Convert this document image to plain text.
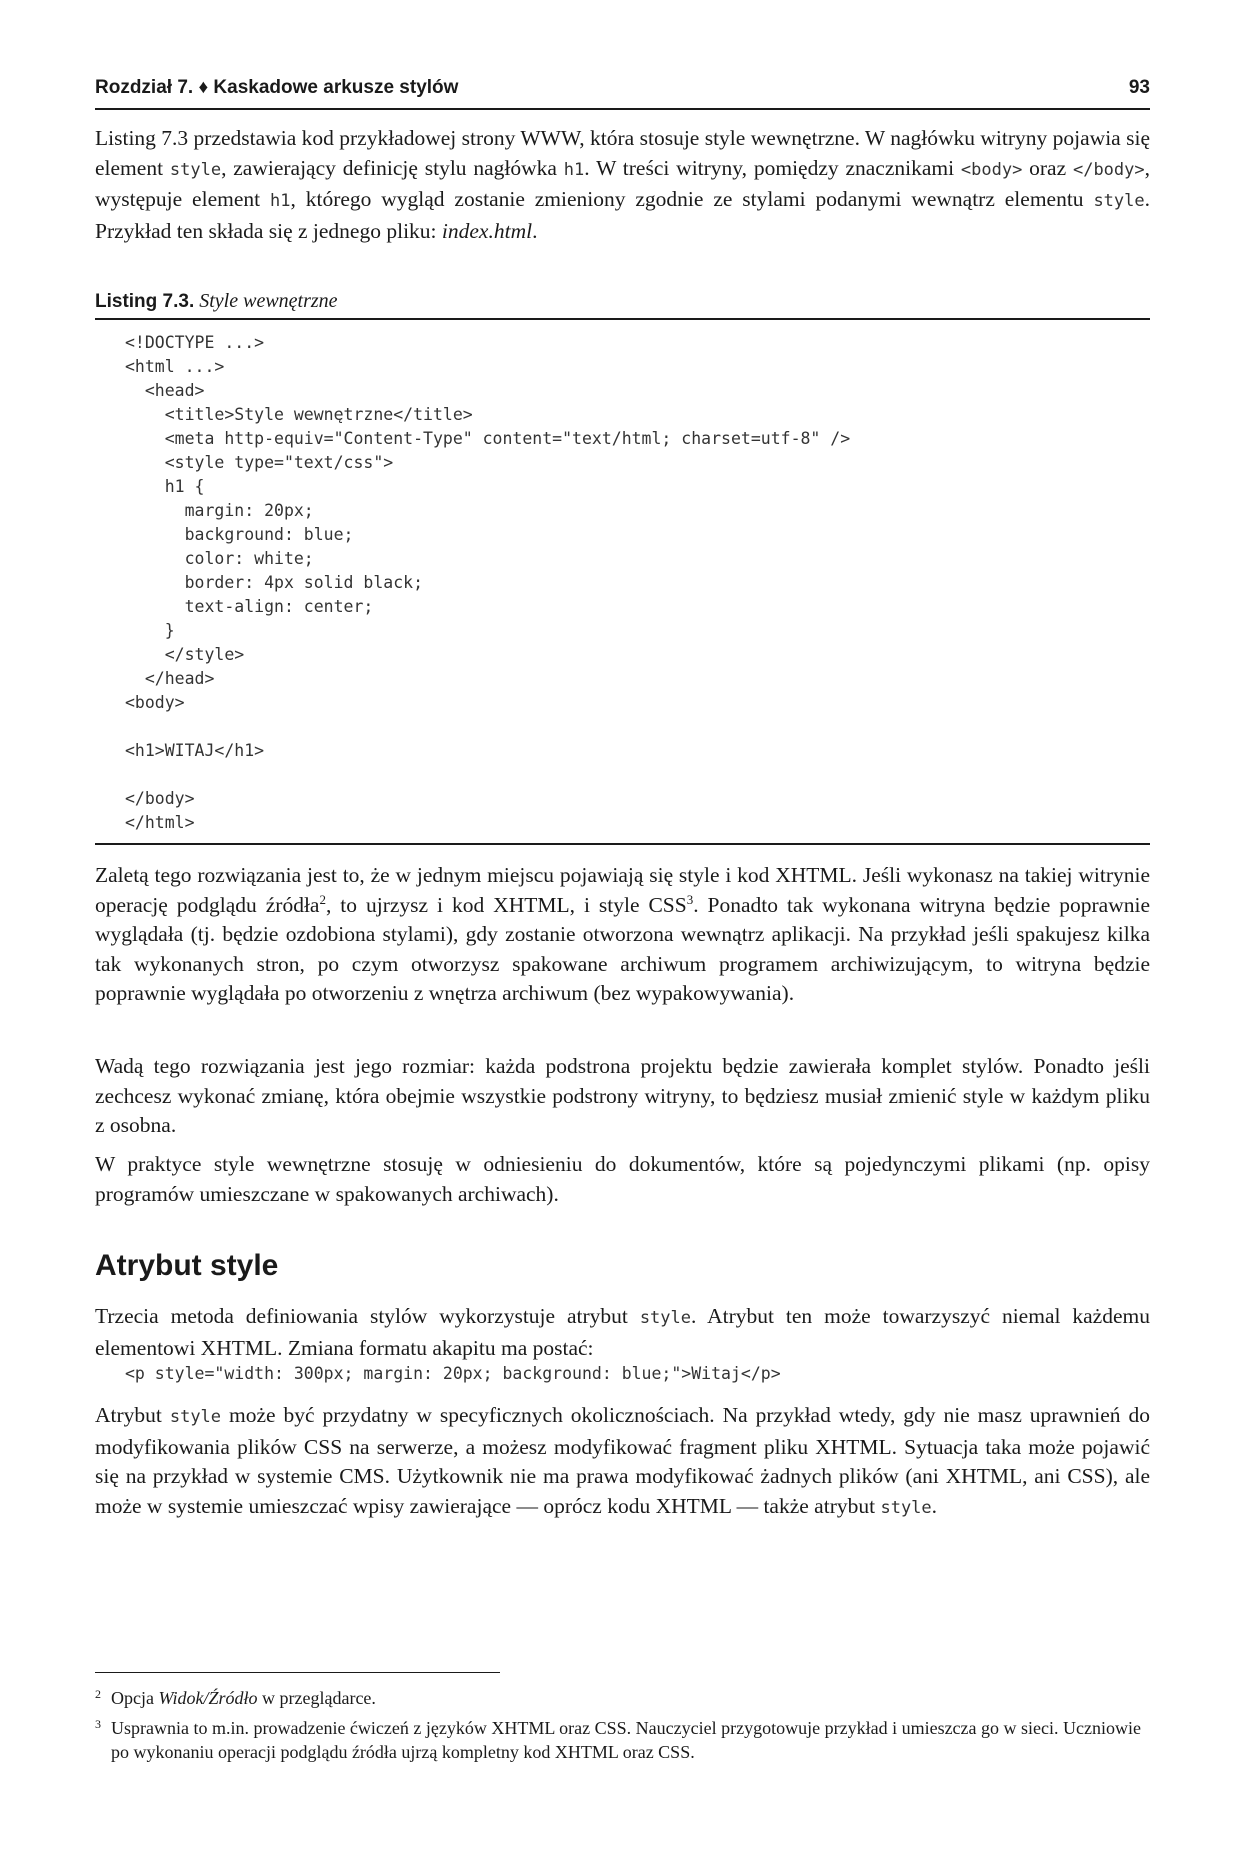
Rozdział 7. ♦ Kaskadowe arkusze stylów	93

Listing 7.3 przedstawia kod przykładowej strony WWW, która stosuje style wewnętrzne. W nagłówku witryny pojawia się element style, zawierający definicję stylu nagłówka h1. W treści witryny, pomiędzy znacznikami <body> oraz </body>, występuje element h1, którego wygląd zostanie zmieniony zgodnie ze stylami podanymi wewnątrz elementu style. Przykład ten składa się z jednego pliku: index.html.

Listing 7.3. Style wewnętrzne
<!DOCTYPE ...>
<html ...>
<head>
<title>Style wewnętrzne</title>
<meta http-equiv="Content-Type" content="text/html; charset=utf-8" />
<style type="text/css">
h1 {
margin: 20px;
background: blue;
color: white;
border: 4px solid black;
text-align: center;
}
</style>
</head>
<body>

<h1>WITAJ</h1>

</body>
</html>

Zaletą tego rozwiązania jest to, że w jednym miejscu pojawiają się style i kod XHTML. Jeśli wykonasz na takiej witrynie operację podglądu źródła$^2$, to ujrzysz i kod XHTML, i style CSS$^3$. Ponadto tak wykonana witryna będzie poprawnie wyglądała (tj. będzie ozdobiona stylami), gdy zostanie otworzona wewnątrz aplikacji. Na przykład jeśli spakujesz kilka tak wykonanych stron, po czym otworzysz spakowane archiwum programem archiwizującym, to witryna będzie poprawnie wyglądała po otworzeniu z wnętrza archiwum (bez wypakowywania).

Wadą tego rozwiązania jest jego rozmiar: każda podstrona projektu będzie zawierała komplet stylów. Ponadto jeśli zechcesz wykonać zmianę, która obejmie wszystkie podstrony witryny, to będziesz musiał zmienić style w każdym pliku z osobna.

W praktyce style wewnętrzne stosuję w odniesieniu do dokumentów, które są pojedynczymi plikami (np. opisy programów umieszczane w spakowanych archiwach).

Atrybut style

Trzecia metoda definiowania stylów wykorzystuje atrybut style. Atrybut ten może towarzyszyć niemal każdemu elementowi XHTML. Zmiana formatu akapitu ma postać:

<p style="width: 300px; margin: 20px; background: blue;">Witaj</p>

Atrybut style może być przydatny w specyficznych okolicznościach. Na przykład wtedy, gdy nie masz uprawnień do modyfikowania plików CSS na serwerze, a możesz modyfikować fragment pliku XHTML. Sytuacja taka może pojawić się na przykład w systemie CMS. Użytkownik nie ma prawa modyfikować żadnych plików (ani XHTML, ani CSS), ale może w systemie umieszczać wpisy zawierające — oprócz kodu XHTML — także atrybut style.

2 Opcja Widok/Źródło w przeglądarce.
3 Usprawnia to m.in. prowadzenie ćwiczeń z języków XHTML oraz CSS. Nauczyciel przygotowuje przykład i umieszcza go w sieci. Uczniowie po wykonaniu operacji podglądu źródła ujrzą kompletny kod XHTML oraz CSS.
